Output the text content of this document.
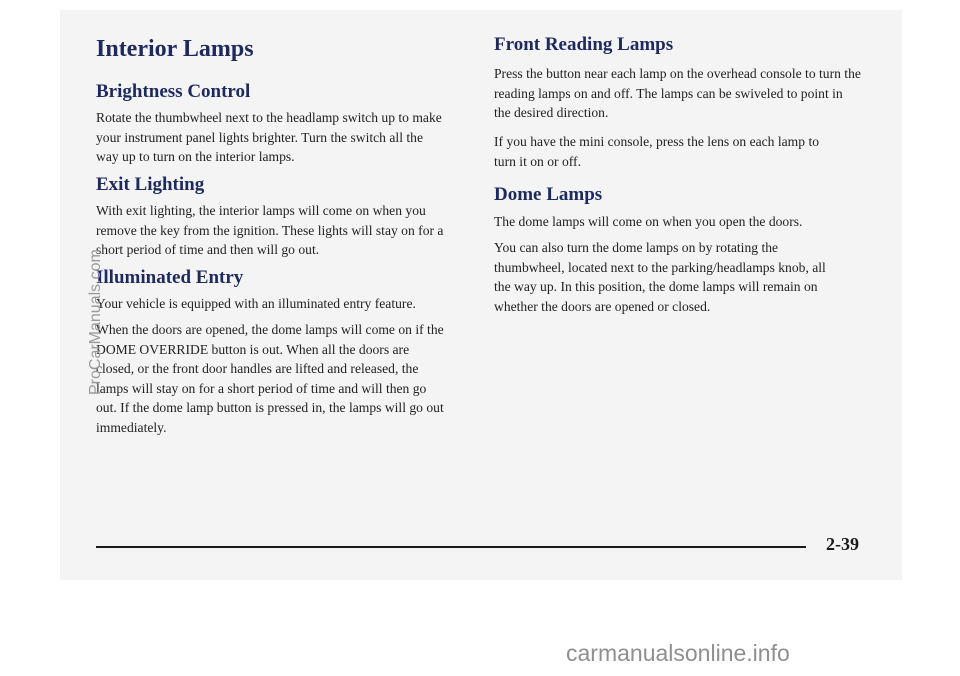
Interior Lamps
Brightness Control

Rotate the thumbwheel next to the headlamp switch up to make your instrument panel lights brighter. Turn the switch all the way up to turn on the interior lamps.

Exit Lighting

With exit lighting, the interior lamps will come on when you remove the key from the ignition. These lights will stay on for a short period of time and then will go out.

Illuminated Entry

Your vehicle is equipped with an illuminated entry feature.

When the doors are opened, the dome lamps will come on if the DOME OVERRIDE button is out. When all the doors are closed, or the front door handles are lifted and released, the lamps will stay on for a short period of time and will then go out. If the dome lamp button is pressed in, the lamps will go out immediately.

Front Reading Lamps

Press the button near each lamp on the overhead console to turn the reading lamps on and off. The lamps can be swiveled to point in the desired direction.

If you have the mini console, press the lens on each lamp to turn it on or off.

Dome Lamps

The dome lamps will come on when you open the doors.

You can also turn the dome lamps on by rotating the thumbwheel, located next to the parking/headlamps knob, all the way up. In this position, the dome lamps will remain on whether the doors are opened or closed.

2-39
ProCarManuals.com
carmanualsonline.info
